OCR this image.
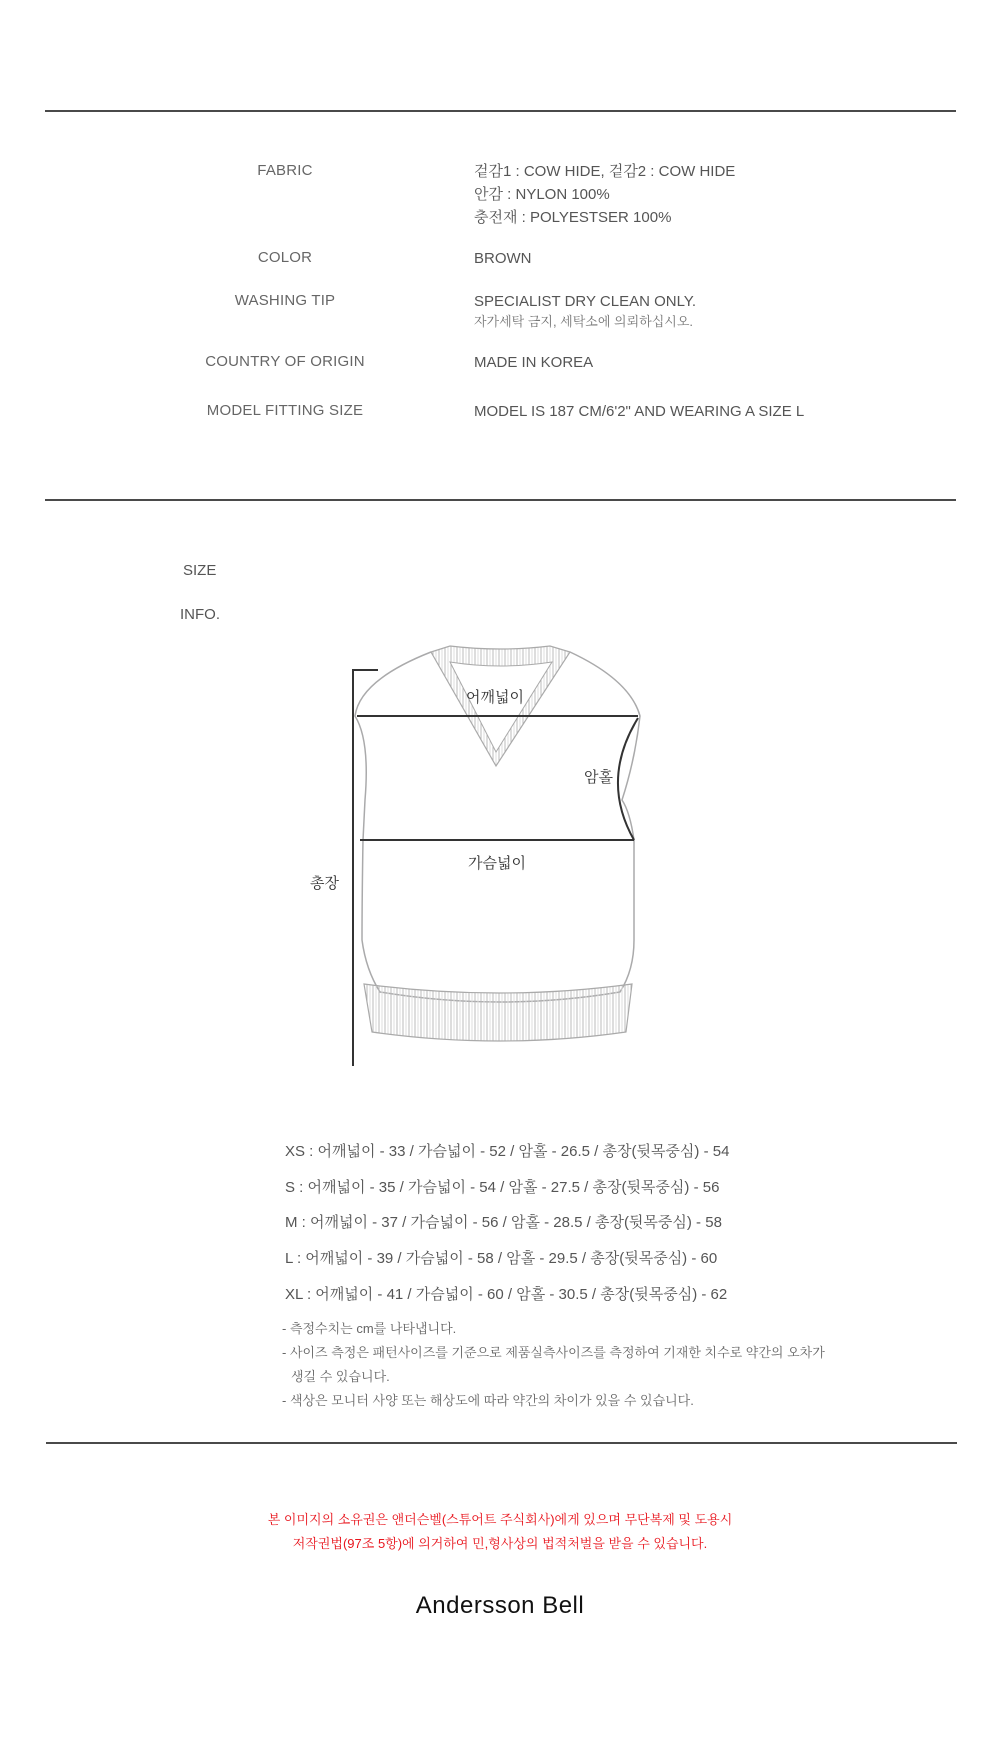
FABRIC	겉감1 : COW HIDE, 겉감2 : COW HIDE
안감 : NYLON 100%
충전재 : POLYESTSER 100%
COLOR	BROWN
WASHING TIP	SPECIALIST DRY CLEAN ONLY.
자가세탁 금지, 세탁소에 의뢰하십시오.
COUNTRY OF ORIGIN	MADE IN KOREA
MODEL FITTING SIZE	MODEL IS 187 CM/6'2" AND WEARING A SIZE L
SIZE
INFO.
어깨넓이
암홀
가슴넓이
총장
XS : 어깨넓이 - 33 / 가슴넓이 - 52 / 암홀 - 26.5 / 총장(뒷목중심) - 54
S : 어깨넓이 - 35 / 가슴넓이 - 54 / 암홀 - 27.5 / 총장(뒷목중심) - 56
M : 어깨넓이 - 37 / 가슴넓이 - 56 / 암홀 - 28.5 / 총장(뒷목중심) - 58
L : 어깨넓이 - 39 / 가슴넓이 - 58 / 암홀 - 29.5 / 총장(뒷목중심) - 60
XL : 어깨넓이 - 41 / 가슴넓이 - 60 / 암홀 - 30.5 / 총장(뒷목중심) - 62
- 측정수치는 cm를 나타냅니다.
- 사이즈 측정은 패턴사이즈를 기준으로 제품실측사이즈를 측정하여 기재한 치수로 약간의 오차가
생길 수 있습니다.
- 색상은 모니터 사양 또는 해상도에 따라 약간의 차이가 있을 수 있습니다.
본 이미지의 소유권은 앤더슨벨(스튜어트 주식회사)에게 있으며 무단복제 및 도용시
저작권법(97조 5항)에 의거하여 민,형사상의 법적처벌을 받을 수 있습니다.
Andersson Bell
